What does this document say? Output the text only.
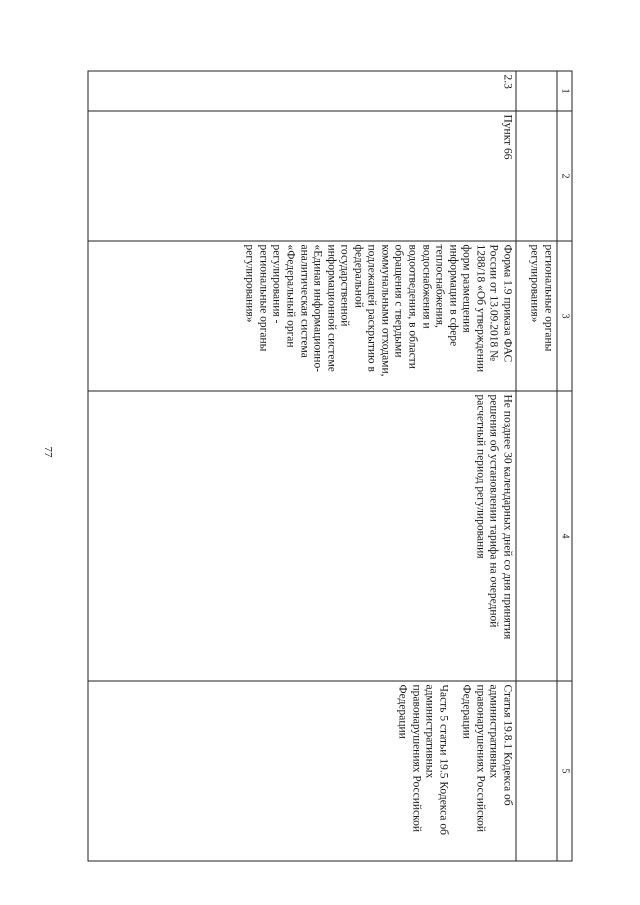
77
1	2	3	4	5
		региональные органы регулирования»		
2.3	Пункт 66	Форма 1.9 приказа ФАС России от 13.09.2018 № 1288/18 «Об утверждении форм размещения информации в сфере теплоснабжения, водоснабжения и водоотведения, в области обращения с твердыми коммунальными отходами, подлежащей раскрытию в федеральной государственной информационной системе «Единая информационно-аналитическая система «Федеральный орган регулирования - региональные органы регулирования»	Не позднее 30 календарных дней со дня принятия решения об установлении тарифа на очередной расчетный период регулирования	Статья 19.8.1 Кодекса об административных правонарушениях Российской Федерации
Часть 5 статьи 19.5 Кодекса об административных правонарушениях Российской Федерации
